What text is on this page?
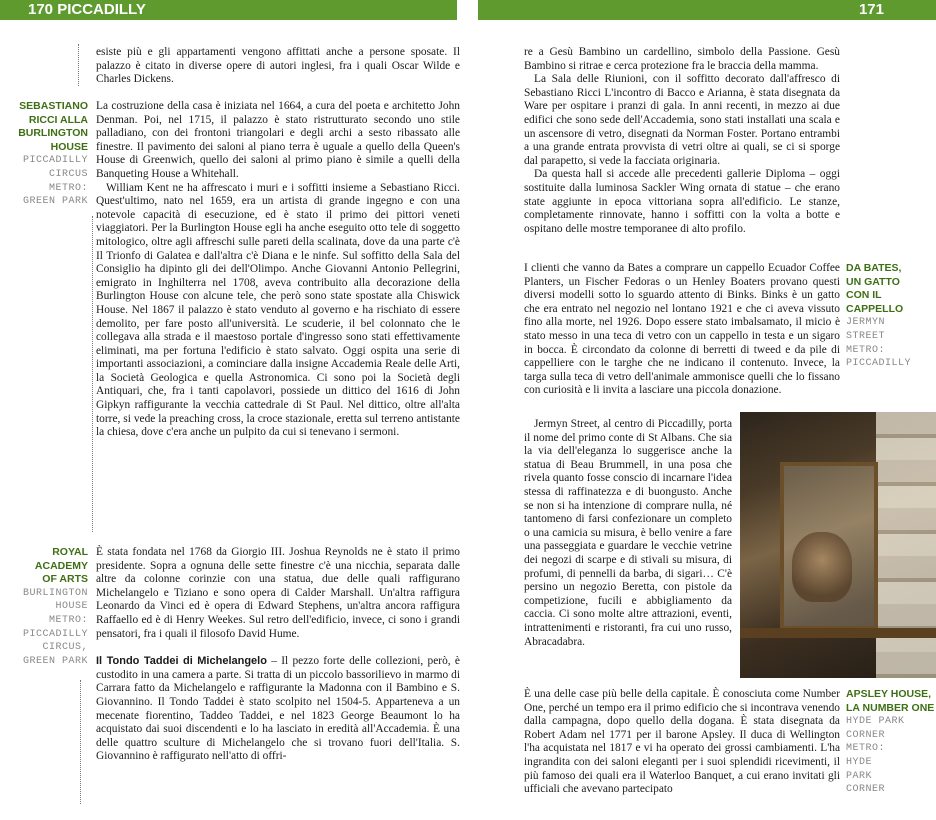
170 PICCADILLY	171

esiste più e gli appartamenti vengono affittati anche a persone sposate. Il palazzo è citato in diverse opere di autori inglesi, fra i quali Oscar Wilde e Charles Dickens.

SEBASTIANO
RICCI ALLA
BURLINGTON
HOUSE
PICCADILLY
CIRCUS
METRO:
GREEN PARK

La costruzione della casa è iniziata nel 1664, a cura del poeta e architetto John Denman. Poi, nel 1715, il palazzo è stato ristrutturato secondo uno stile palladiano, con dei frontoni triangolari e degli archi a sesto ribassato alle finestre. Il pavimento dei saloni al piano terra è uguale a quello della Queen's House di Greenwich, quello dei saloni al primo piano è simile a quelli della Banqueting House a Whitehall.

William Kent ne ha affrescato i muri e i soffitti insieme a Sebastiano Ricci. Quest'ultimo, nato nel 1659, era un artista di grande ingegno e con una notevole capacità di esecuzione, ed è stato il primo dei pittori veneti viaggiatori. Per la Burlington House egli ha anche eseguito otto tele di soggetto mitologico, oltre agli affreschi sulle pareti della scalinata, dove da una parte c'è Il Trionfo di Galatea e dall'altra c'è Diana e le ninfe. Sul soffitto della Sala del Consiglio ha dipinto gli dei dell'Olimpo. Anche Giovanni Antonio Pellegrini, emigrato in Inghilterra nel 1708, aveva contribuito alla decorazione della Burlington House con alcune tele, che però sono state spostate alla Chiswick House. Nel 1867 il palazzo è stato venduto al governo e ha rischiato di essere demolito, per fare posto all'università. Le scuderie, il bel colonnato che le collegava alla strada e il maestoso portale d'ingresso sono stati effettivamente eliminati, ma per fortuna l'edificio è stato salvato. Oggi ospita una serie di importanti associazioni, a cominciare dalla insigne Accademia Reale delle Arti, la Società Geologica e quella Astronomica. Ci sono poi la Società degli Antiquari, che, fra i tanti capolavori, possiede un dittico del 1616 di John Gipkyn raffigurante la vecchia cattedrale di St Paul. Nel dittico, oltre all'alta torre, si vede la preaching cross, la croce stazionale, eretta sul terreno antistante la chiesa, dove c'era anche un pulpito da cui si tenevano i sermoni.

ROYAL
ACADEMY
OF ARTS
BURLINGTON
HOUSE
METRO:
PICCADILLY
CIRCUS,
GREEN PARK

È stata fondata nel 1768 da Giorgio III. Joshua Reynolds ne è stato il primo presidente. Sopra a ognuna delle sette finestre c'è una nicchia, separata dalle altre da colonne corinzie con una statua, due delle quali raffigurano Michelangelo e Tiziano e sono opera di Calder Marshall. Un'altra raffigura Leonardo da Vinci ed è opera di Edward Stephens, un'altra ancora raffigura Raffaello ed è di Henry Weekes. Sul retro dell'edificio, invece, ci sono i grandi pensatori, fra i quali il filosofo David Hume.

Il Tondo Taddei di Michelangelo – Il pezzo forte delle collezioni, però, è custodito in una camera a parte. Si tratta di un piccolo bassorilievo in marmo di Carrara fatto da Michelangelo e raffigurante la Madonna con il Bambino e S. Giovannino. Il Tondo Taddei è stato scolpito nel 1504-5. Apparteneva a un mecenate fiorentino, Taddeo Taddei, e nel 1823 George Beaumont lo ha acquistato dai suoi discendenti e lo ha lasciato in eredità all'Accademia. È una delle quattro sculture di Michelangelo che si trovano fuori dell'Italia. S. Giovannino è raffigurato nell'atto di offri-

re a Gesù Bambino un cardellino, simbolo della Passione. Gesù Bambino si ritrae e cerca protezione fra le braccia della mamma.

La Sala delle Riunioni, con il soffitto decorato dall'affresco di Sebastiano Ricci L'incontro di Bacco e Arianna, è stata disegnata da Ware per ospitare i pranzi di gala. In anni recenti, in mezzo ai due edifici che sono sede dell'Accademia, sono stati installati una scala e un ascensore di vetro, disegnati da Norman Foster. Portano entrambi a una grande entrata provvista di vetri oltre ai quali, se ci si sporge dal parapetto, si vede la facciata originaria.

Da questa hall si accede alle precedenti gallerie Diploma – oggi sostituite dalla luminosa Sackler Wing ornata di statue – che erano state aggiunte in epoca vittoriana sopra all'edificio. Le stanze, completamente rinnovate, hanno i soffitti con la volta a botte e ospitano delle mostre temporanee di alto profilo.

DA BATES,
UN GATTO
CON IL CAPPELLO
JERMYN
STREET
METRO:
PICCADILLY

I clienti che vanno da Bates a comprare un cappello Ecuador Coffee Planters, un Fischer Fedoras o un Henley Boaters provano questi diversi modelli sotto lo sguardo attento di Binks. Binks è un gatto che era entrato nel negozio nel lontano 1921 e che ci aveva vissuto fino alla morte, nel 1926. Dopo essere stato imbalsamato, il micio è stato messo in una teca di vetro con un cappello in testa e un sigaro in bocca. È circondato da colonne di berretti di tweed e da pile di cappelliere con le targhe che ne indicano il contenuto. Invece, la targa sulla teca di vetro dell'animale ammonisce quelli che lo fissano con curiosità e li invita a lasciare una piccola donazione.

Jermyn Street, al centro di Piccadilly, porta il nome del primo conte di St Albans. Che sia la via dell'eleganza lo suggerisce anche la statua di Beau Brummell, in una posa che rivela quanto fosse conscio di incarnare l'idea stessa di raffinatezza e di buongusto. Anche se non si ha intenzione di comprare nulla, né tantomeno di farsi confezionare un completo o una camicia su misura, è bello venire a fare una passeggiata e guardare le vecchie vetrine dei negozi di scarpe e di stivali su misura, di profumi, di pennelli da barba, di sigari… C'è persino un negozio Beretta, con pistole da competizione, fucili e abbigliamento da caccia. Ci sono molte altre attrazioni, eventi, intrattenimenti e ristoranti, fra cui uno russo, Abracadabra.

APSLEY HOUSE,
LA NUMBER ONE
HYDE PARK
CORNER
METRO:
HYDE
PARK
CORNER

È una delle case più belle della capitale. È conosciuta come Number One, perché un tempo era il primo edificio che si incontrava venendo dalla campagna, dopo quello della dogana. È stata disegnata da Robert Adam nel 1771 per il barone Apsley. Il duca di Wellington l'ha acquistata nel 1817 e vi ha operato dei grossi cambiamenti. L'ha ingrandita con dei saloni eleganti per i suoi splendidi ricevimenti, il più famoso dei quali era il Waterloo Banquet, a cui erano invitati gli ufficiali che avevano partecipato
